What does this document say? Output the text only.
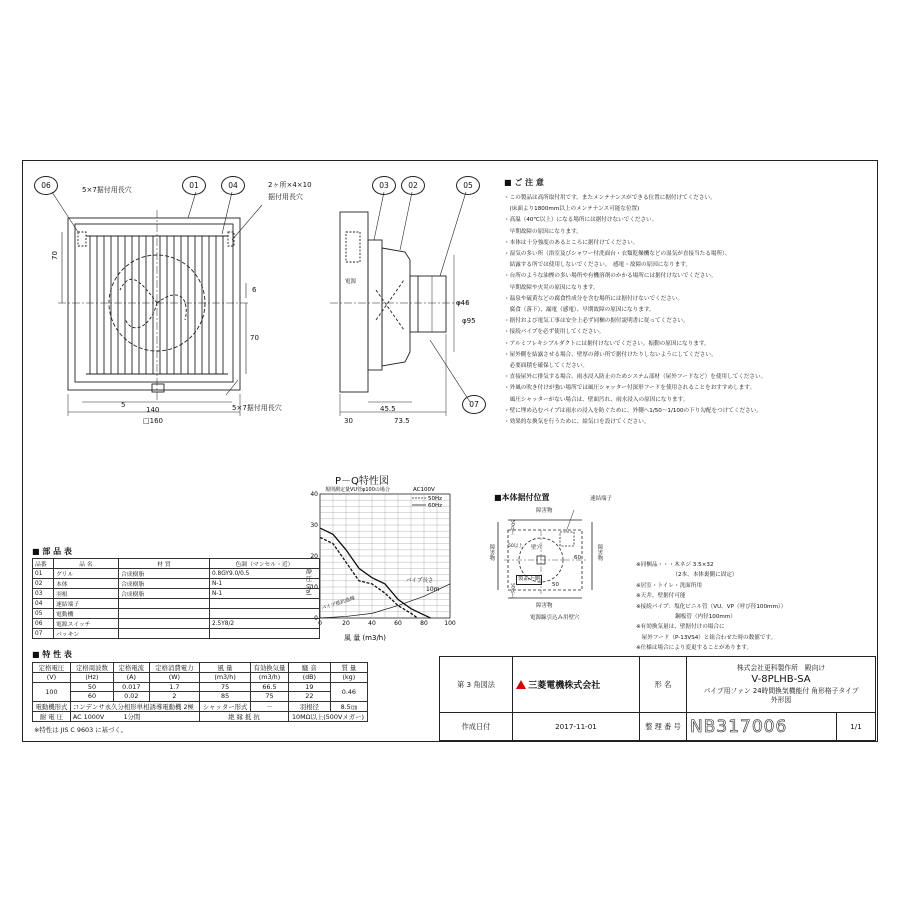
06	01	04	03	02	05
07
5×7据付用長穴
2ヶ所×4×10
据付用長穴
70
70
6
5
140
□160
5×7据付用長穴
φ46
φ95
45.5
30	73.5
電源
■ ご 注 意
・この製品は高所取付用です。またメンテナンスができる位置に据付けてください。
　(床面より1800mm以上のメンテナンス可能な位置)
・高温（40℃以上）になる場所には据付けないでください。
　早期故障の原因になります。
・本体は十分強度のあるところに据付けてください。
・湿気の多い所（浴室及びシャワー付洗面台・衣類乾燥機などの湿気が直接当たる場所）、
　結露する所では使用しないでください。　感電・故障の原因になります。
・台所のような油煙の多い場所や有機溶剤のかかる場所には据付けないでください。
　早期故障や火災の原因になります。
・温泉や硫黄などの腐食性成分を含む場所には据付けないでください。
　腐食（落下）、漏電（感電）、早期故障の原因になります。
・据付および電気工事は安全上必ず同梱の据付説明書に従ってください。
・接続パイプを必ず使用してください。
・アルミフレキシブルダクトには据付けないでください。振動の原因になります。
・屋外側を結露させる場合、壁厚の薄い所で据付けたりしないようにしてください。
　必要面積を確保してください。
・直接屋外に排気する場合、雨水浸入防止のためシステム部材（屋外フードなど）を使用してください。
・外風の吹き付けが強い場所では風圧シャッター付深形フードを使用されることをおすすめします。
　風圧シャッターがない場合は、壁面汚れ、雨水浸入の原因になります。
・壁に埋め込むパイプは雨水の浸入を防ぐために、外側へ1/50～1/100の下り勾配をつけてください。
・効果的な換気を行うために、給気口を設けてください。
P－Q特性図
規則測定量VU管φ100の場合	AC100V
50Hz
60Hz
静 圧 (Pa)
風 量 (m3/h)
パイプ長さ
10m
パイプ抵抗曲線
0	20	40	60	80	100
0
10
20
30
40	■本体据付位置	速結端子
障害物
障害物
障害物	障害物
50以上
50以上
50以上
60
50
製品下側
壁穴
電源線引込み用壁穴
※同梱品・・・木ネジ 3.5×32
　　　　　　　（2本、本体裏側に固定）
※居室・トイレ・洗面所用
※天井、壁据付可能
※接続パイプ：塩化ビニル管（VU、VP（呼び径100mm））
　　　　　　　鋼板管（内径100mm）
※有効換気量は、壁据付けの場合に
　屋外フード（P-13VS4）と組合わせた時の数値です。
※仕様は場合により変更することがあります。
■ 部 品 表
品番	品 名	材 質	色調（マンセル・近）
01	グリル	合成樹脂	0.8GY9.0/0.5
02	本体	合成樹脂	N-1
03	羽根	合成樹脂	N-1
04	速結端子		
05	電動機		
06	電源スイッチ		2.5Y8/2
07	パッキン		
■ 特 性 表
定格電圧	定格周波数	定格電流	定格消費電力	風 量	有効換気量	騒 音	質 量
(V)	(Hz)	(A)	(W)	(m3/h)	(m3/h)	(dB)	(kg)
100	50	0.017	1.7	75	66.5	19	0.46
	60	0.02	2	85	75	22	
電動機形式	コンデンサ永久分相形単相誘導電動機 2極			シャッター形式	－	羽根径	8.5㎝
耐 電 圧	AC 1000V　　　1分間			絶 縁 抵 抗		10MΩ以上(500Vメガー)	
※特性は JIS C 9603 に基づく。
第 3 角図法	三菱電機株式会社	形 名	株式会社更科製作所　殿向け
V-8PLHB-SA
パイプ用ファン 24時間換気機能付 角形格子タイプ
外形図	

作成日付	2017-11-01	整 理 番 号	NB317006	1/1
